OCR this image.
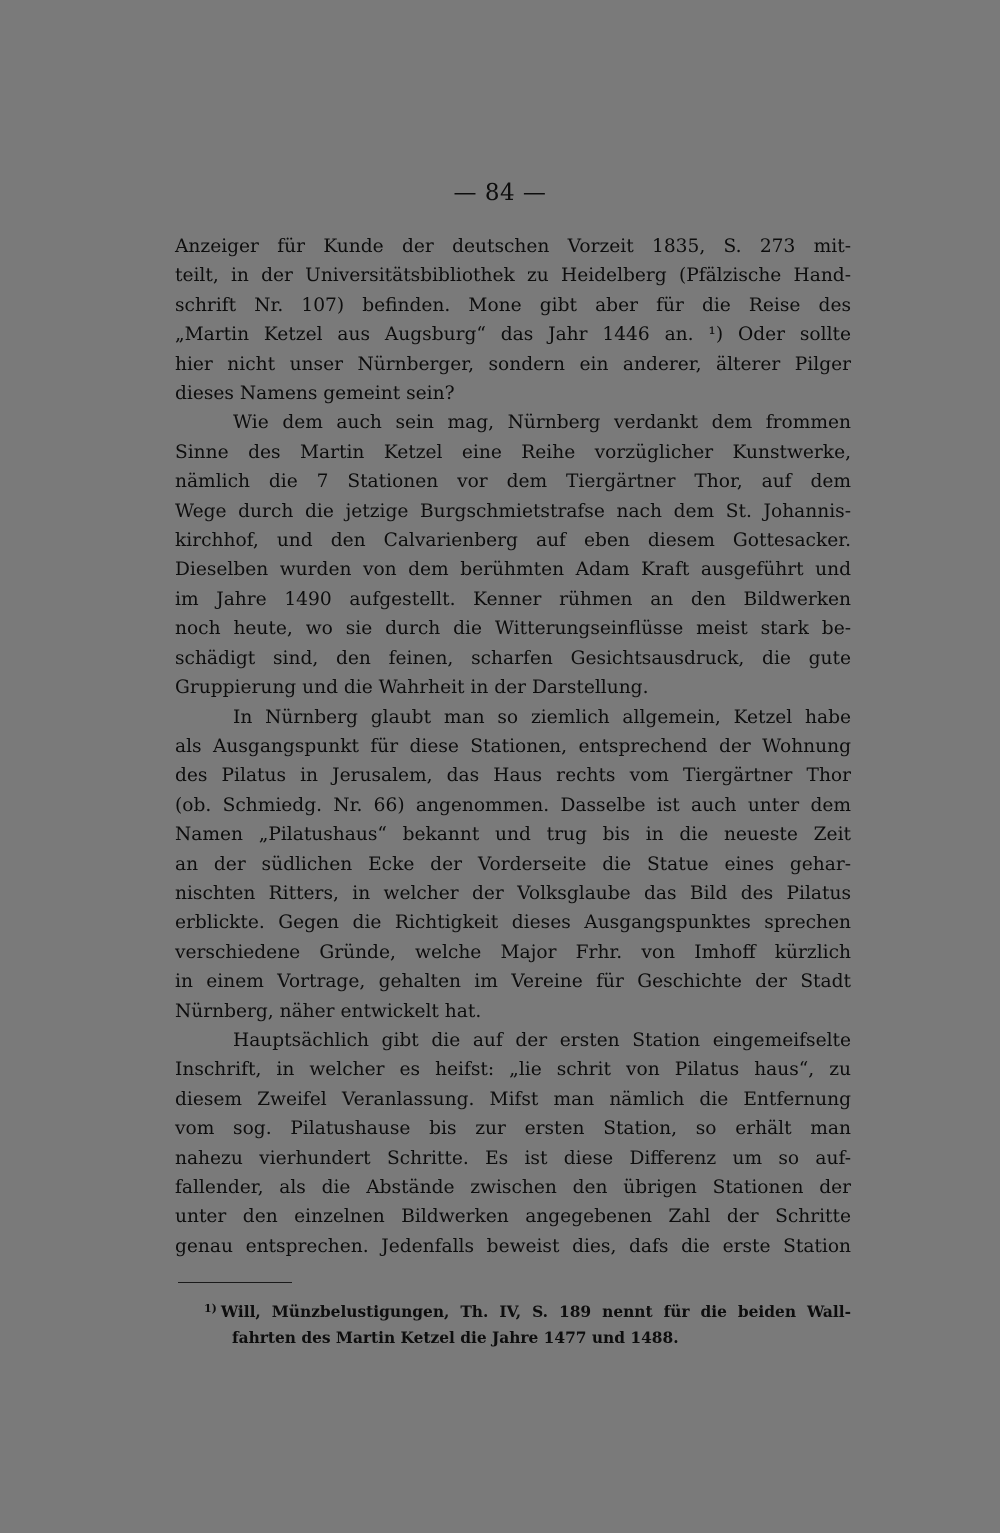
— 84 —
Anzeiger für Kunde der deutschen Vorzeit 1835, S. 273 mit-
teilt, in der Universitätsbibliothek zu Heidelberg (Pfälzische Hand-
schrift Nr. 107) befinden. Mone gibt aber für die Reise des
„Martin Ketzel aus Augsburg“ das Jahr 1446 an. ¹) Oder sollte
hier nicht unser Nürnberger, sondern ein anderer, älterer Pilger
dieses Namens gemeint sein?
Wie dem auch sein mag, Nürnberg verdankt dem frommen
Sinne des Martin Ketzel eine Reihe vorzüglicher Kunstwerke,
nämlich die 7 Stationen vor dem Tiergärtner Thor, auf dem
Wege durch die jetzige Burgschmietstrafse nach dem St. Johannis-
kirchhof, und den Calvarienberg auf eben diesem Gottesacker.
Dieselben wurden von dem berühmten Adam Kraft ausgeführt und
im Jahre 1490 aufgestellt. Kenner rühmen an den Bildwerken
noch heute, wo sie durch die Witterungseinflüsse meist stark be-
schädigt sind, den feinen, scharfen Gesichtsausdruck, die gute
Gruppierung und die Wahrheit in der Darstellung.
In Nürnberg glaubt man so ziemlich allgemein, Ketzel habe
als Ausgangspunkt für diese Stationen, entsprechend der Wohnung
des Pilatus in Jerusalem, das Haus rechts vom Tiergärtner Thor
(ob. Schmiedg. Nr. 66) angenommen. Dasselbe ist auch unter dem
Namen „Pilatushaus“ bekannt und trug bis in die neueste Zeit
an der südlichen Ecke der Vorderseite die Statue eines gehar-
nischten Ritters, in welcher der Volksglaube das Bild des Pilatus
erblickte. Gegen die Richtigkeit dieses Ausgangspunktes sprechen
verschiedene Gründe, welche Major Frhr. von Imhoff kürzlich
in einem Vortrage, gehalten im Vereine für Geschichte der Stadt
Nürnberg, näher entwickelt hat.
Hauptsächlich gibt die auf der ersten Station eingemeifselte
Inschrift, in welcher es heifst: „lie schrit von Pilatus haus“, zu
diesem Zweifel Veranlassung. Mifst man nämlich die Entfernung
vom sog. Pilatushause bis zur ersten Station, so erhält man
nahezu vierhundert Schritte. Es ist diese Differenz um so auf-
fallender, als die Abstände zwischen den übrigen Stationen der
unter den einzelnen Bildwerken angegebenen Zahl der Schritte
genau entsprechen. Jedenfalls beweist dies, dafs die erste Station
$^{1)}$ Will, Münzbelustigungen, Th. IV, S. 189 nennt für die beiden Wall-
fahrten des Martin Ketzel die Jahre 1477 und 1488.
